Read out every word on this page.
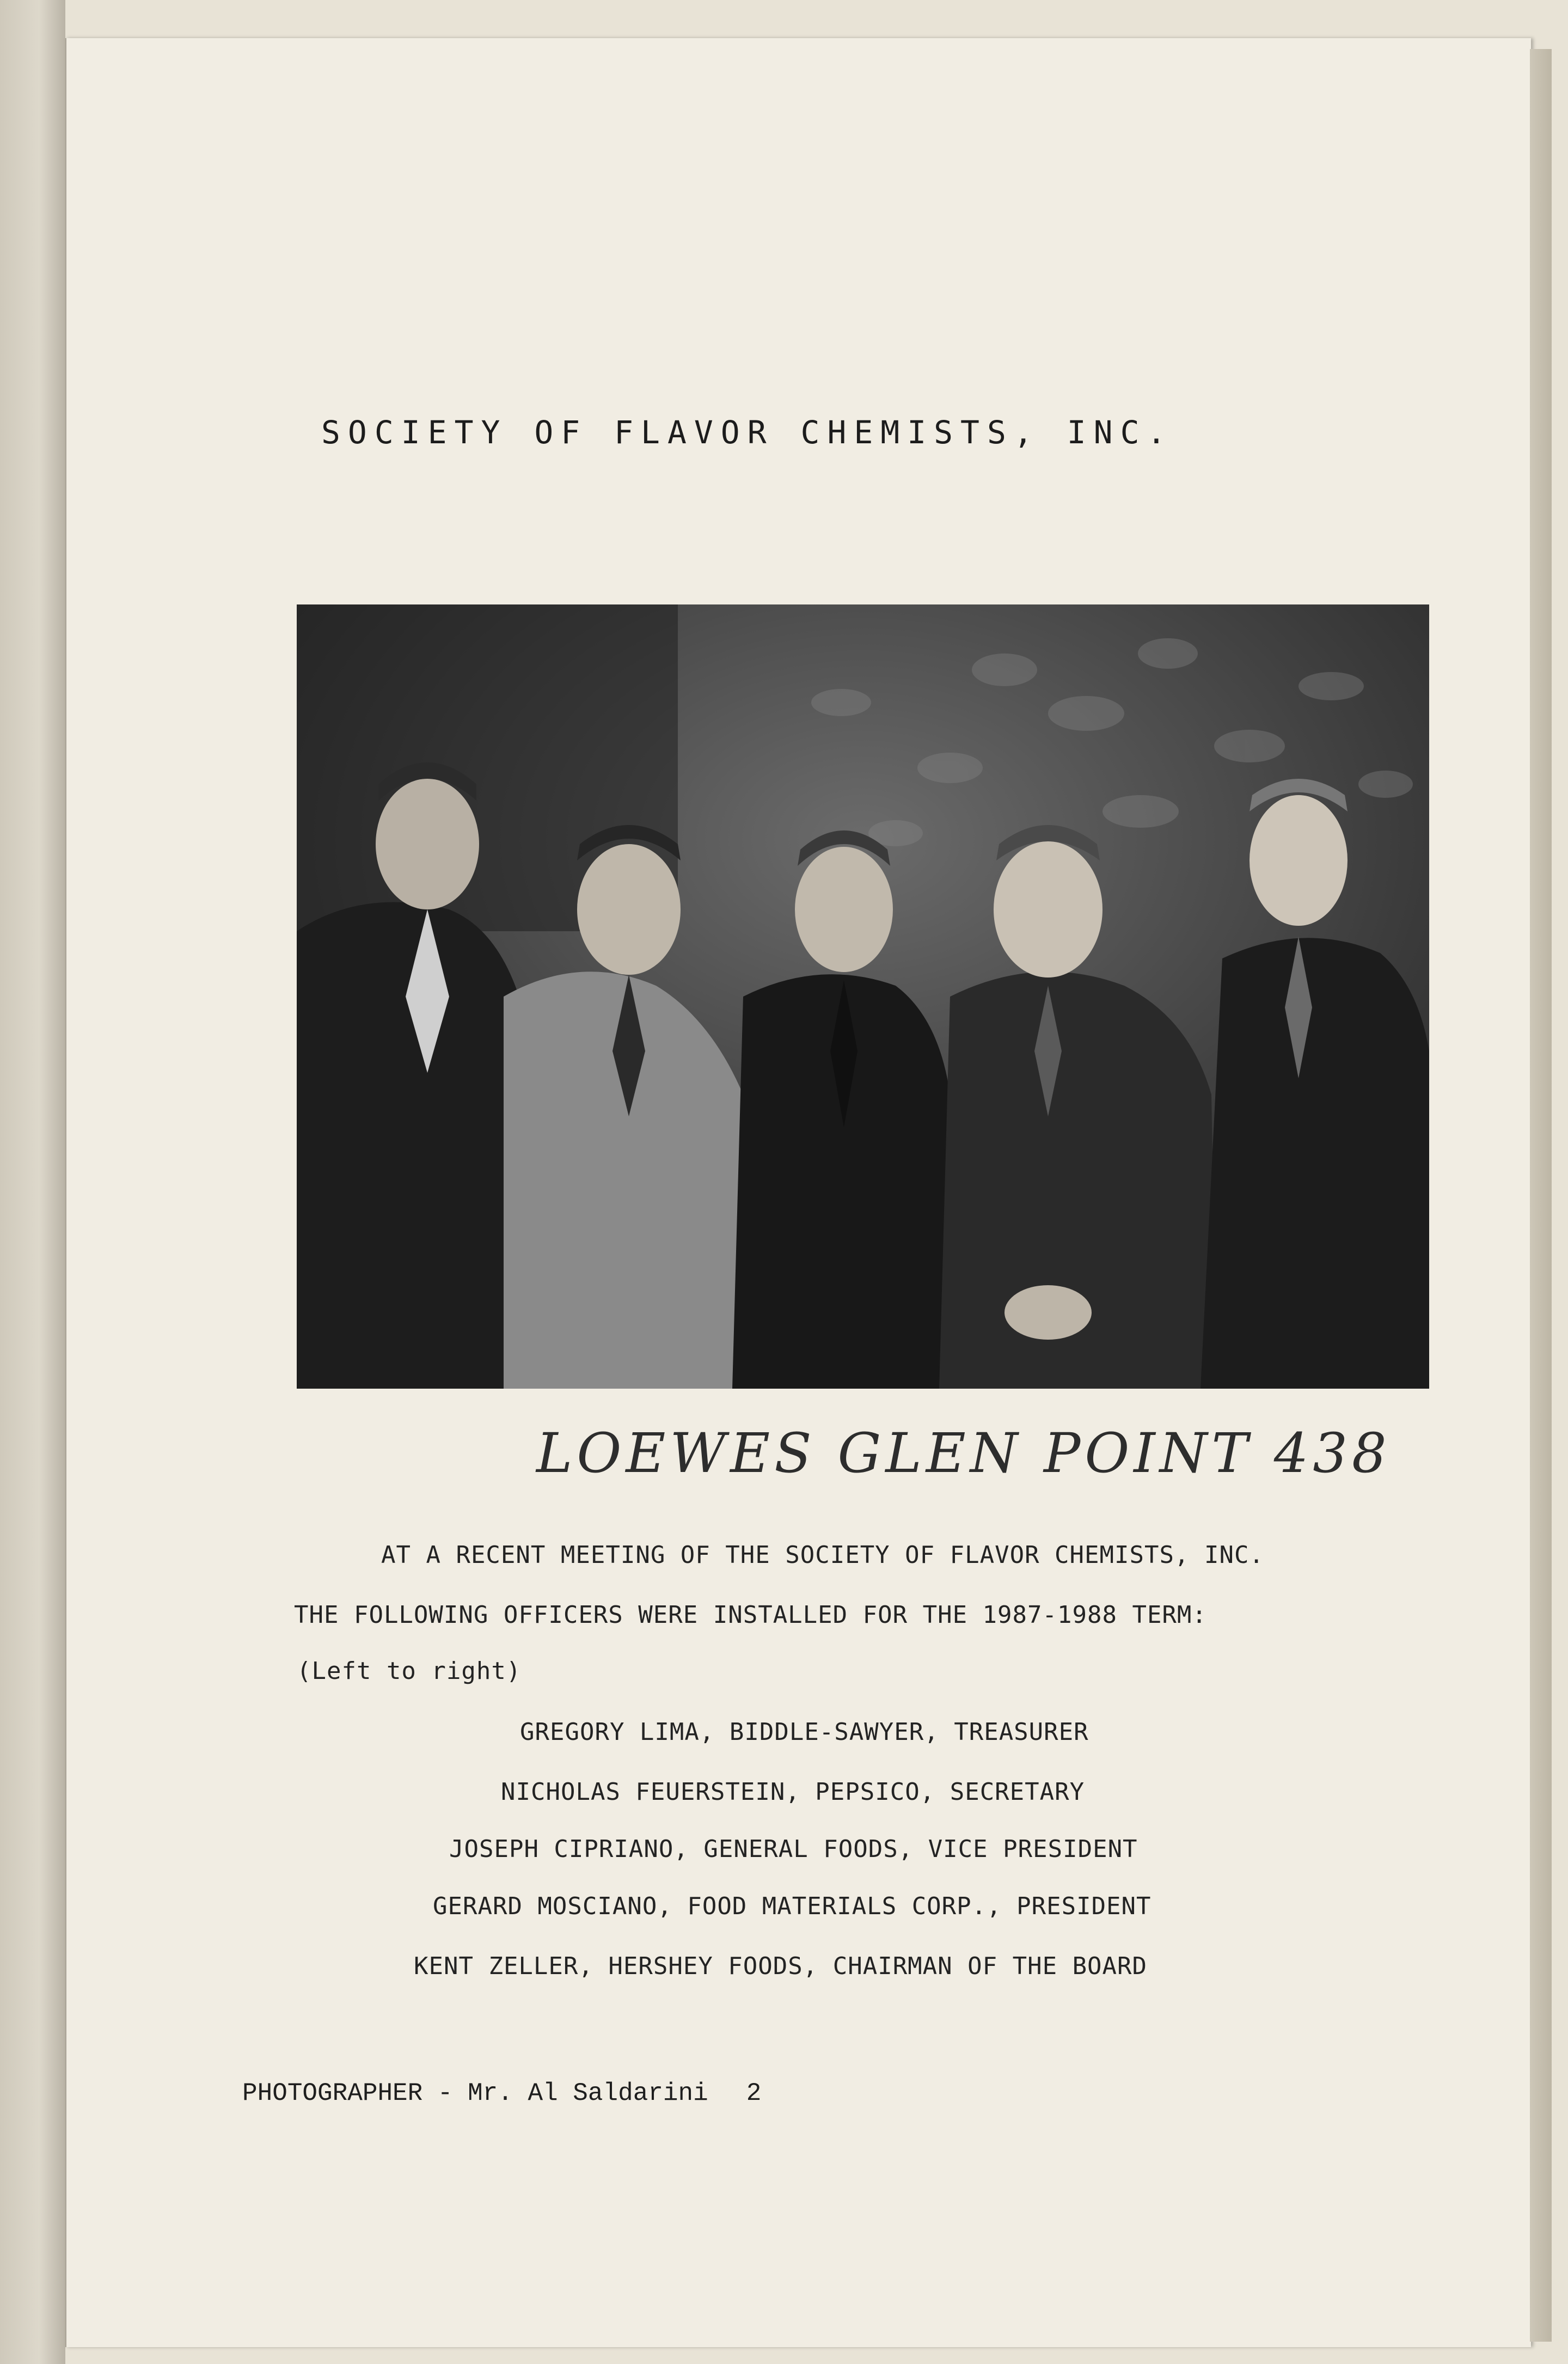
SOCIETY OF FLAVOR CHEMISTS, INC.
LOEWES GLEN POINT 438
AT A RECENT MEETING OF THE SOCIETY OF FLAVOR CHEMISTS, INC.
THE FOLLOWING OFFICERS WERE INSTALLED FOR THE 1987-1988 TERM:
(Left to right)
GREGORY LIMA, BIDDLE-SAWYER, TREASURER
NICHOLAS FEUERSTEIN, PEPSICO, SECRETARY
JOSEPH CIPRIANO, GENERAL FOODS, VICE PRESIDENT
GERARD MOSCIANO, FOOD MATERIALS CORP., PRESIDENT
KENT ZELLER, HERSHEY FOODS, CHAIRMAN OF THE BOARD
PHOTOGRAPHER - Mr. Al Saldarini 2
